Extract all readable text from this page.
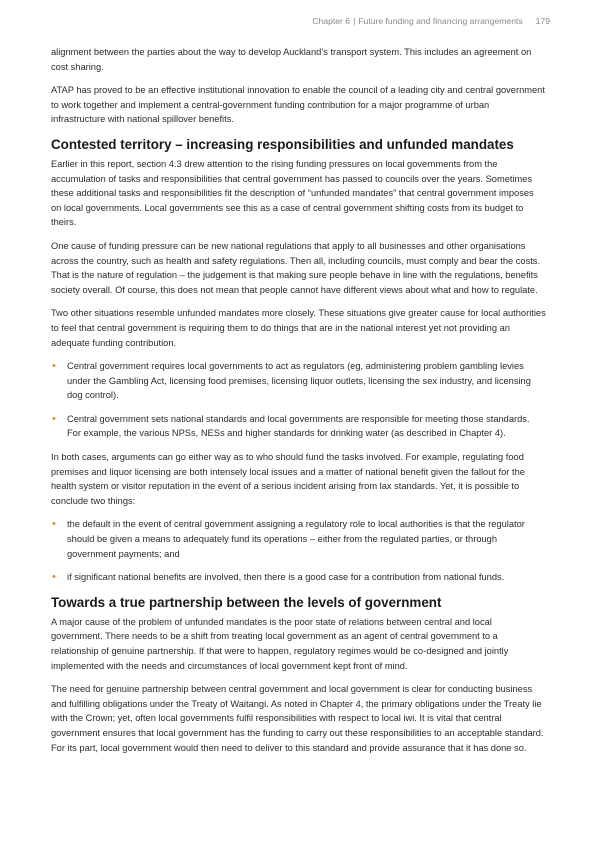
Chapter 6 | Future funding and financing arrangements 179

alignment between the parties about the way to develop Auckland’s transport system. This includes an agreement on cost sharing.

ATAP has proved to be an effective institutional innovation to enable the council of a leading city and central government to work together and implement a central-government funding contribution for a major programme of urban infrastructure with national spillover benefits.

Contested territory – increasing responsibilities and unfunded mandates

Earlier in this report, section 4.3 drew attention to the rising funding pressures on local governments from the accumulation of tasks and responsibilities that central government has passed to councils over the years. Sometimes these additional tasks and responsibilities fit the description of “unfunded mandates” that central government imposes on local governments. Local governments see this as a case of central government shifting costs from its budget to theirs.

One cause of funding pressure can be new national regulations that apply to all businesses and other organisations across the country, such as health and safety regulations. Then all, including councils, must comply and bear the costs. That is the nature of regulation – the judgement is that making sure people behave in line with the regulations, benefits society overall. Of course, this does not mean that people cannot have different views about what and how to regulate.

Two other situations resemble unfunded mandates more closely. These situations give greater cause for local authorities to feel that central government is requiring them to do things that are in the national interest yet not providing an adequate funding contribution.

• Central government requires local governments to act as regulators (eg, administering problem gambling levies under the Gambling Act, licensing food premises, licensing liquor outlets, licensing the sex industry, and licensing dog control).
• Central government sets national standards and local governments are responsible for meeting those standards. For example, the various NPSs, NESs and higher standards for drinking water (as described in Chapter 4).

In both cases, arguments can go either way as to who should fund the tasks involved. For example, regulating food premises and liquor licensing are both intensely local issues and a matter of national benefit given the fallout for the health system or visitor reputation in the event of a serious incident arising from lax standards. Yet, it is possible to conclude two things:

• the default in the event of central government assigning a regulatory role to local authorities is that the regulator should be given a means to adequately fund its operations – either from the regulated parties, or through government payments; and
• if significant national benefits are involved, then there is a good case for a contribution from national funds.
Towards a true partnership between the levels of government

A major cause of the problem of unfunded mandates is the poor state of relations between central and local government. There needs to be a shift from treating local government as an agent of central government to a relationship of genuine partnership. If that were to happen, regulatory regimes would be co-designed and jointly implemented with the needs and circumstances of local government kept front of mind.

The need for genuine partnership between central government and local government is clear for conducting business and fulfilling obligations under the Treaty of Waitangi. As noted in Chapter 4, the primary obligations under the Treaty lie with the Crown; yet, often local governments fulfil responsibilities with respect to local iwi. It is vital that central government ensures that local government has the funding to carry out these responsibilities to an acceptable standard. For its part, local government would then need to deliver to this standard and provide assurance that it has done so.
